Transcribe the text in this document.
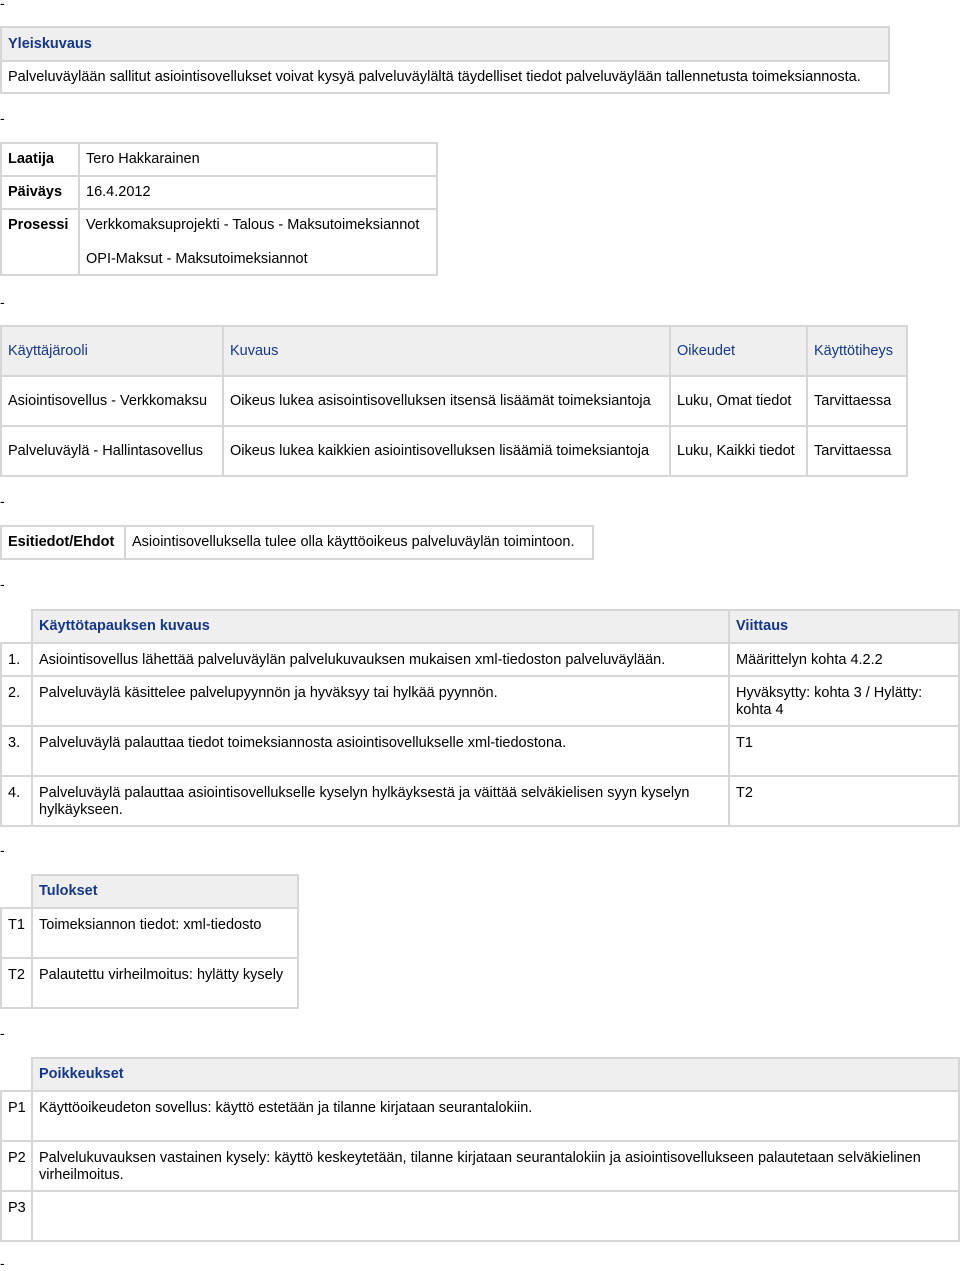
-
-
-
-
-
-
-
-
Yleiskuvaus
Palveluväylään sallitut asiointisovellukset voivat kysyä palveluväylältä täydelliset tiedot palveluväylään tallennetusta toimeksiannosta.
Laatija	Tero Hakkarainen
Päiväys	16.4.2012
Prosessi	Verkkomaksuprojekti - Talous - Maksutoimeksiannot
OPI-Maksut - Maksutoimeksiannot
Käyttäjärooli	Kuvaus	Oikeudet	Käyttötiheys
Asiointisovellus - Verkkomaksu	Oikeus lukea asisointisovelluksen itsensä lisäämät toimeksiantoja	Luku, Omat tiedot	Tarvittaessa
Palveluväylä - Hallintasovellus	Oikeus lukea kaikkien asiointisovelluksen lisäämiä toimeksiantoja	Luku, Kaikki tiedot	Tarvittaessa
Esitiedot/Ehdot	Asiointisovelluksella tulee olla käyttöoikeus palveluväylän toimintoon.
	Käyttötapauksen kuvaus	Viittaus
1.	Asiointisovellus lähettää palveluväylän palvelukuvauksen mukaisen xml-tiedoston palveluväylään.	Määrittelyn kohta 4.2.2
2.	Palveluväylä käsittelee palvelupyynnön ja hyväksyy tai hylkää pyynnön.	Hyväksytty: kohta 3 / Hylätty: kohta 4
3.	Palveluväylä palauttaa tiedot toimeksiannosta asiointisovellukselle xml-tiedostona.	T1
4.	Palveluväylä palauttaa asiointisovellukselle kyselyn hylkäyksestä ja väittää selväkielisen syyn kyselyn hylkäykseen.	T2
	Tulokset
T1	Toimeksiannon tiedot: xml-tiedosto
T2	Palautettu virheilmoitus: hylätty kysely
	Poikkeukset
P1	Käyttöoikeudeton sovellus: käyttö estetään ja tilanne kirjataan seurantalokiin.
P2	Palvelukuvauksen vastainen kysely: käyttö keskeytetään, tilanne kirjataan seurantalokiin ja asiointisovellukseen palautetaan selväkielinen virheilmoitus.
P3	
